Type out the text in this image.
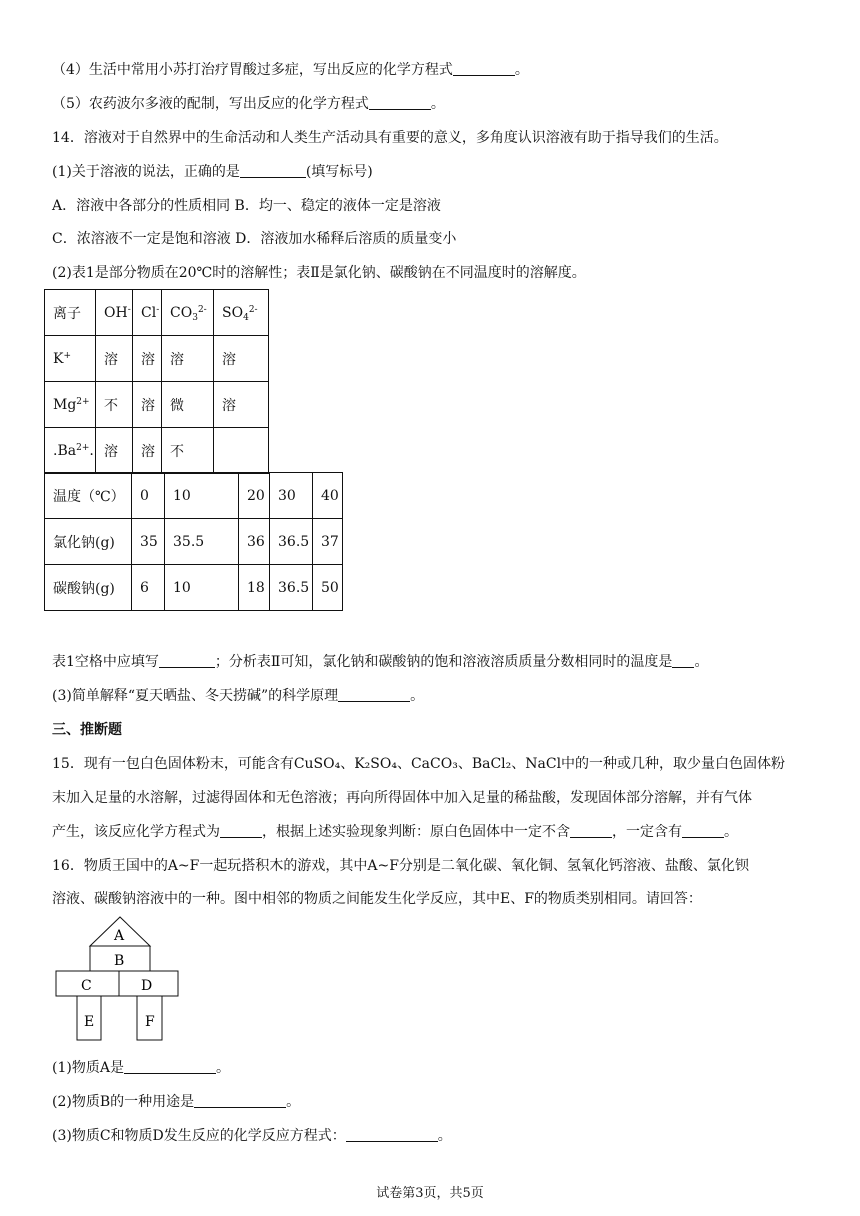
（4）生活中常用小苏打治疗胃酸过多症，写出反应的化学方程式	。
（5）农药波尔多液的配制，写出反应的化学方程式	。
14．溶液对于自然界中的生命活动和人类生产活动具有重要的意义，多角度认识溶液有助于指导我们的生活。
(1)关于溶液的说法，正确的是	(填写标号)
A．溶液中各部分的性质相同 B．均一、稳定的液体一定是溶液
C．浓溶液不一定是饱和溶液 D．溶液加水稀释后溶质的质量变小
(2)表1是部分物质在20℃时的溶解性；表Ⅱ是氯化钠、碳酸钠在不同温度时的溶解度。
离子	OH-	Cl-	$CO_3^{2-}$	$SO_4^{2-}$
K+	溶	溶	溶	溶
$Mg^{2+}$	不	溶	微	溶
$.Ba^{2+}$.	溶	溶	不	
温度（℃）	0	10	20	30	40
氯化钠(g)	35	35.5	36	36.5	37
碳酸钠(g)	6	10	18	36.5	50
表1空格中应填写	；分析表Ⅱ可知，氯化钠和碳酸钠的饱和溶液溶质质量分数相同时的温度是 。
(3)简单解释“夏天晒盐、冬天捞碱”的科学原理	。
三、推断题
15．现有一包白色固体粉末，可能含有CuSO₄、K₂SO₄、CaCO₃、BaCl₂、NaCl中的一种或几种，取少量白色固体粉
末加入足量的水溶解，过滤得固体和无色溶液；再向所得固体中加入足量的稀盐酸，发现固体部分溶解，并有气体
产生，该反应化学方程式为	，根据上述实验现象判断：原白色固体中一定不含	，一定含有	。
16．物质王国中的A~F一起玩搭积木的游戏，其中A~F分别是二氧化碳、氧化铜、氢氧化钙溶液、盐酸、氯化钡
溶液、碳酸钠溶液中的一种。图中相邻的物质之间能发生化学反应，其中E、F的物质类别相同。请回答：
A
B
C	D
E	F
(1)物质A是	。
(2)物质B的一种用途是	。
(3)物质C和物质D发生反应的化学反应方程式：	。
试卷第3页，共5页
